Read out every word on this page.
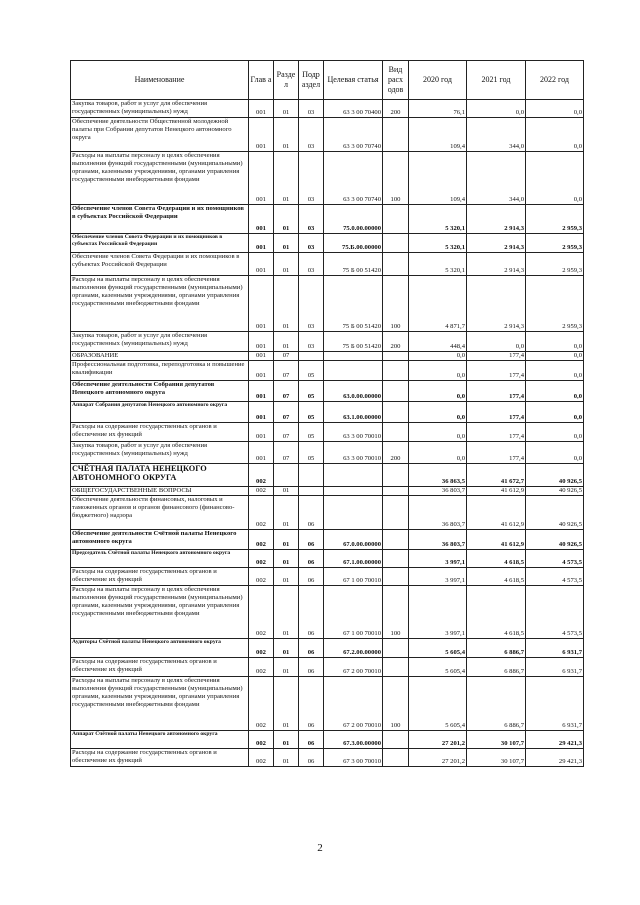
Наименование	Глав а	Разде л	Подр аздел	Целевая статья	Вид расх одов	2020 год	2021 год	2022 год
Закупка товаров, работ и услуг для обеспечения государственных (муниципальных) нужд	001	01	03	63 3 00 70400	200	76,1	0,0	0,0
Обеспечение деятельности Общественной молодежной палаты при Собрании депутатов Ненецкого автономного округа	001	01	03	63 3 00 70740		109,4	344,0	0,0
Расходы на выплаты персоналу в целях обеспечения выполнения функций государственными (муниципальными) органами, казенными учреждениями, органами управления государственными внебюджетными фондами	001	01	03	63 3 00 70740	100	109,4	344,0	0,0
Обеспечение членов Совета Федерации и их помощников в субъектах Российской Федерации	001	01	03	75.0.00.00000		5 320,1	2 914,3	2 959,3
Обеспечение членов Совета Федерации и их помощников в субъектах Российской Федерации	001	01	03	75.Б.00.00000		5 320,1	2 914,3	2 959,3
Обеспечение членов Совета Федерации и их помощников в субъектах Российской Федерации	001	01	03	75 Б 00 51420		5 320,1	2 914,3	2 959,3
Расходы на выплаты персоналу в целях обеспечения выполнения функций государственными (муниципальными) органами, казенными учреждениями, органами управления государственными внебюджетными фондами	001	01	03	75 Б 00 51420	100	4 871,7	2 914,3	2 959,3
Закупка товаров, работ и услуг для обеспечения государственных (муниципальных) нужд	001	01	03	75 Б 00 51420	200	448,4	0,0	0,0
ОБРАЗОВАНИЕ	001	07				0,0	177,4	0,0
Профессиональная подготовка, переподготовка и повышение квалификации	001	07	05			0,0	177,4	0,0
Обеспечение деятельности Собрания депутатов Ненецкого автономного округа	001	07	05	63.0.00.00000		0,0	177,4	0,0
Аппарат Собрания депутатов Ненецкого автономного округа	001	07	05	63.1.00.00000		0,0	177,4	0,0
Расходы на содержание государственных органов и обеспечение их функций	001	07	05	63 3 00 70010		0,0	177,4	0,0
Закупка товаров, работ и услуг для обеспечения государственных (муниципальных) нужд	001	07	05	63 3 00 70010	200	0,0	177,4	0,0
СЧЁТНАЯ ПАЛАТА НЕНЕЦКОГО АВТОНОМНОГО ОКРУГА	002					36 863,5	41 672,7	40 926,5
ОБЩЕГОСУДАРСТВЕННЫЕ ВОПРОСЫ	002	01				36 803,7	41 612,9	40 926,5
Обеспечение деятельности финансовых, налоговых и таможенных органов и органов финансового (финансово-бюджетного) надзора	002	01	06			36 803,7	41 612,9	40 926,5
Обеспечение деятельности Счётной палаты Ненецкого автономного округа	002	01	06	67.0.00.00000		36 803,7	41 612,9	40 926,5
Председатель Счётной палаты Ненецкого автономного округа	002	01	06	67.1.00.00000		3 997,1	4 618,5	4 573,5
Расходы на содержание государственных органов и обеспечение их функций	002	01	06	67 1 00 70010		3 997,1	4 618,5	4 573,5
Расходы на выплаты персоналу в целях обеспечения выполнения функций государственными (муниципальными) органами, казенными учреждениями, органами управления государственными внебюджетными фондами	002	01	06	67 1 00 70010	100	3 997,1	4 618,5	4 573,5
Аудиторы Счётной палаты Ненецкого автономного округа	002	01	06	67.2.00.00000		5 605,4	6 886,7	6 931,7
Расходы на содержание государственных органов и обеспечение их функций	002	01	06	67 2 00 70010		5 605,4	6 886,7	6 931,7
Расходы на выплаты персоналу в целях обеспечения выполнения функций государственными (муниципальными) органами, казенными учреждениями, органами управления государственными внебюджетными фондами	002	01	06	67 2 00 70010	100	5 605,4	6 886,7	6 931,7
Аппарат Счётной палаты Ненецкого автономного округа	002	01	06	67.3.00.00000		27 201,2	30 107,7	29 421,3
Расходы на содержание государственных органов и обеспечение их функций	002	01	06	67 3 00 70010		27 201,2	30 107,7	29 421,3
2
